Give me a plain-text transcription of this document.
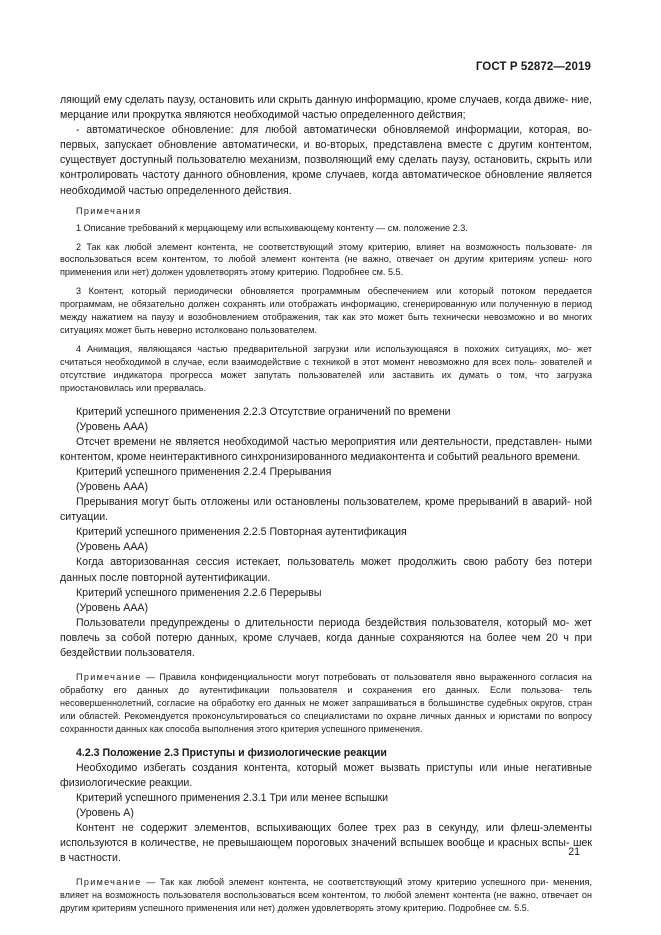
ГОСТ Р 52872—2019

ляющий ему сделать паузу, остановить или скрыть данную информацию, кроме случаев, когда движе- ние, мерцание или прокрутка являются необходимой частью определенного действия;

- автоматическое обновление: для любой автоматически обновляемой информации, которая, во- первых, запускает обновление автоматически, и во-вторых, представлена вместе с другим контентом, существует доступный пользователю механизм, позволяющий ему сделать паузу, остановить, скрыть или контролировать частоту данного обновления, кроме случаев, когда автоматическое обновление является необходимой частью определенного действия.

Примечания

1 Описание требований к мерцающему или вспыхивающему контенту — см. положение 2.3.

2 Так как любой элемент контента, не соответствующий этому критерию, влияет на возможность пользовате- ля воспользоваться всем контентом, то любой элемент контента (не важно, отвечает он другим критериям успеш- ного применения или нет) должен удовлетворять этому критерию. Подробнее см. 5.5.

3 Контент, который периодически обновляется программным обеспечением или который потоком передается программам, не обязательно должен сохранять или отображать информацию, сгенерированную или полученную в период между нажатием на паузу и возобновлением отображения, так как это может быть технически невозможно и во многих ситуациях может быть неверно истолковано пользователем.

4 Анимация, являющаяся частью предварительной загрузки или использующаяся в похожих ситуациях, мо- жет считаться необходимой в случае, если взаимодействие с техникой в этот момент невозможно для всех поль- зователей и отсутствие индикатора прогресса может запутать пользователей или заставить их думать о том, что загрузка приостановилась или прервалась.

Критерий успешного применения 2.2.3 Отсутствие ограничений по времени

(Уровень ААА)

Отсчет времени не является необходимой частью мероприятия или деятельности, представлен- ными контентом, кроме неинтерактивного синхронизированного медиаконтента и событий реального времени.

Критерий успешного применения 2.2.4 Прерывания

(Уровень ААА)

Прерывания могут быть отложены или остановлены пользователем, кроме прерываний в аварий- ной ситуации.

Критерий успешного применения 2.2.5 Повторная аутентификация

(Уровень ААА)

Когда авторизованная сессия истекает, пользователь может продолжить свою работу без потери данных после повторной аутентификации.

Критерий успешного применения 2.2.6 Перерывы

(Уровень ААА)

Пользователи предупреждены о длительности периода бездействия пользователя, который мо- жет повлечь за собой потерю данных, кроме случаев, когда данные сохраняются на более чем 20 ч при бездействии пользователя.

Примечание — Правила конфиденциальности могут потребовать от пользователя явно выраженного согласия на обработку его данных до аутентификации пользователя и сохранения его данных. Если пользова- тель несовершеннолетний, согласие на обработку его данных не может запрашиваться в большинстве судебных округов, стран или областей. Рекомендуется проконсультироваться со специалистами по охране личных данных и юристами по вопросу сохранности данных как способа выполнения этого критерия успешного применения.

4.2.3 Положение 2.3 Приступы и физиологические реакции

Необходимо избегать создания контента, который может вызвать приступы или иные негативные физиологические реакции.

Критерий успешного применения 2.3.1 Три или менее вспышки

(Уровень А)

Контент не содержит элементов, вспыхивающих более трех раз в секунду, или флеш-элементы используются в количестве, не превышающем пороговых значений вспышек вообще и красных вспы- шек в частности.

Примечание — Так как любой элемент контента, не соответствующий этому критерию успешного при- менения, влияет на возможность пользователя воспользоваться всем контентом, то любой элемент контента (не важно, отвечает он другим критериям успешного применения или нет) должен удовлетворять этому критерию. Подробнее см. 5.5.

21
